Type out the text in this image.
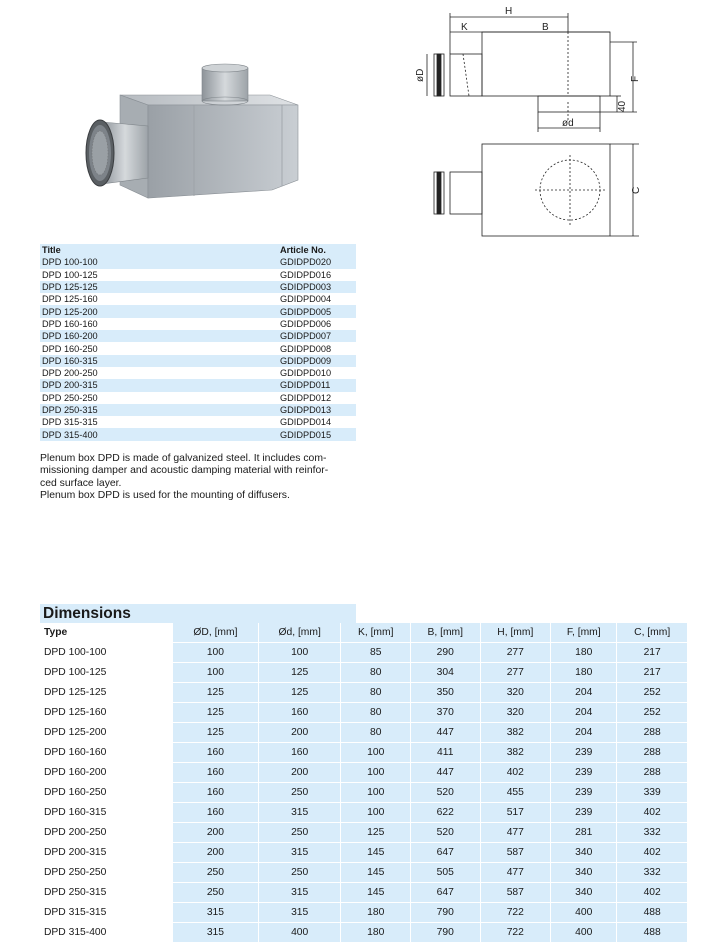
H
K	B
F
40
øD
ød
C
Title	Article No.
DPD 100-100	GDIDPD020
DPD 100-125	GDIDPD016
DPD 125-125	GDIDPD003
DPD 125-160	GDIDPD004
DPD 125-200	GDIDPD005
DPD 160-160	GDIDPD006
DPD 160-200	GDIDPD007
DPD 160-250	GDIDPD008
DPD 160-315	GDIDPD009
DPD 200-250	GDIDPD010
DPD 200-315	GDIDPD011
DPD 250-250	GDIDPD012
DPD 250-315	GDIDPD013
DPD 315-315	GDIDPD014
DPD 315-400	GDIDPD015

Plenum box DPD is made of galvanized steel. It includes com-

missioning damper and acoustic damping material with reinfor-

ced surface layer.

Plenum box DPD is used for the mounting of diffusers.

Dimensions
Type	ØD, [mm]	Ød, [mm]	K, [mm]	B, [mm]	H, [mm]	F, [mm]	C, [mm]
DPD 100-100	100	100	85	290	277	180	217
DPD 100-125	100	125	80	304	277	180	217
DPD 125-125	125	125	80	350	320	204	252
DPD 125-160	125	160	80	370	320	204	252
DPD 125-200	125	200	80	447	382	204	288
DPD 160-160	160	160	100	411	382	239	288
DPD 160-200	160	200	100	447	402	239	288
DPD 160-250	160	250	100	520	455	239	339
DPD 160-315	160	315	100	622	517	239	402
DPD 200-250	200	250	125	520	477	281	332
DPD 200-315	200	315	145	647	587	340	402
DPD 250-250	250	250	145	505	477	340	332
DPD 250-315	250	315	145	647	587	340	402
DPD 315-315	315	315	180	790	722	400	488
DPD 315-400	315	400	180	790	722	400	488
